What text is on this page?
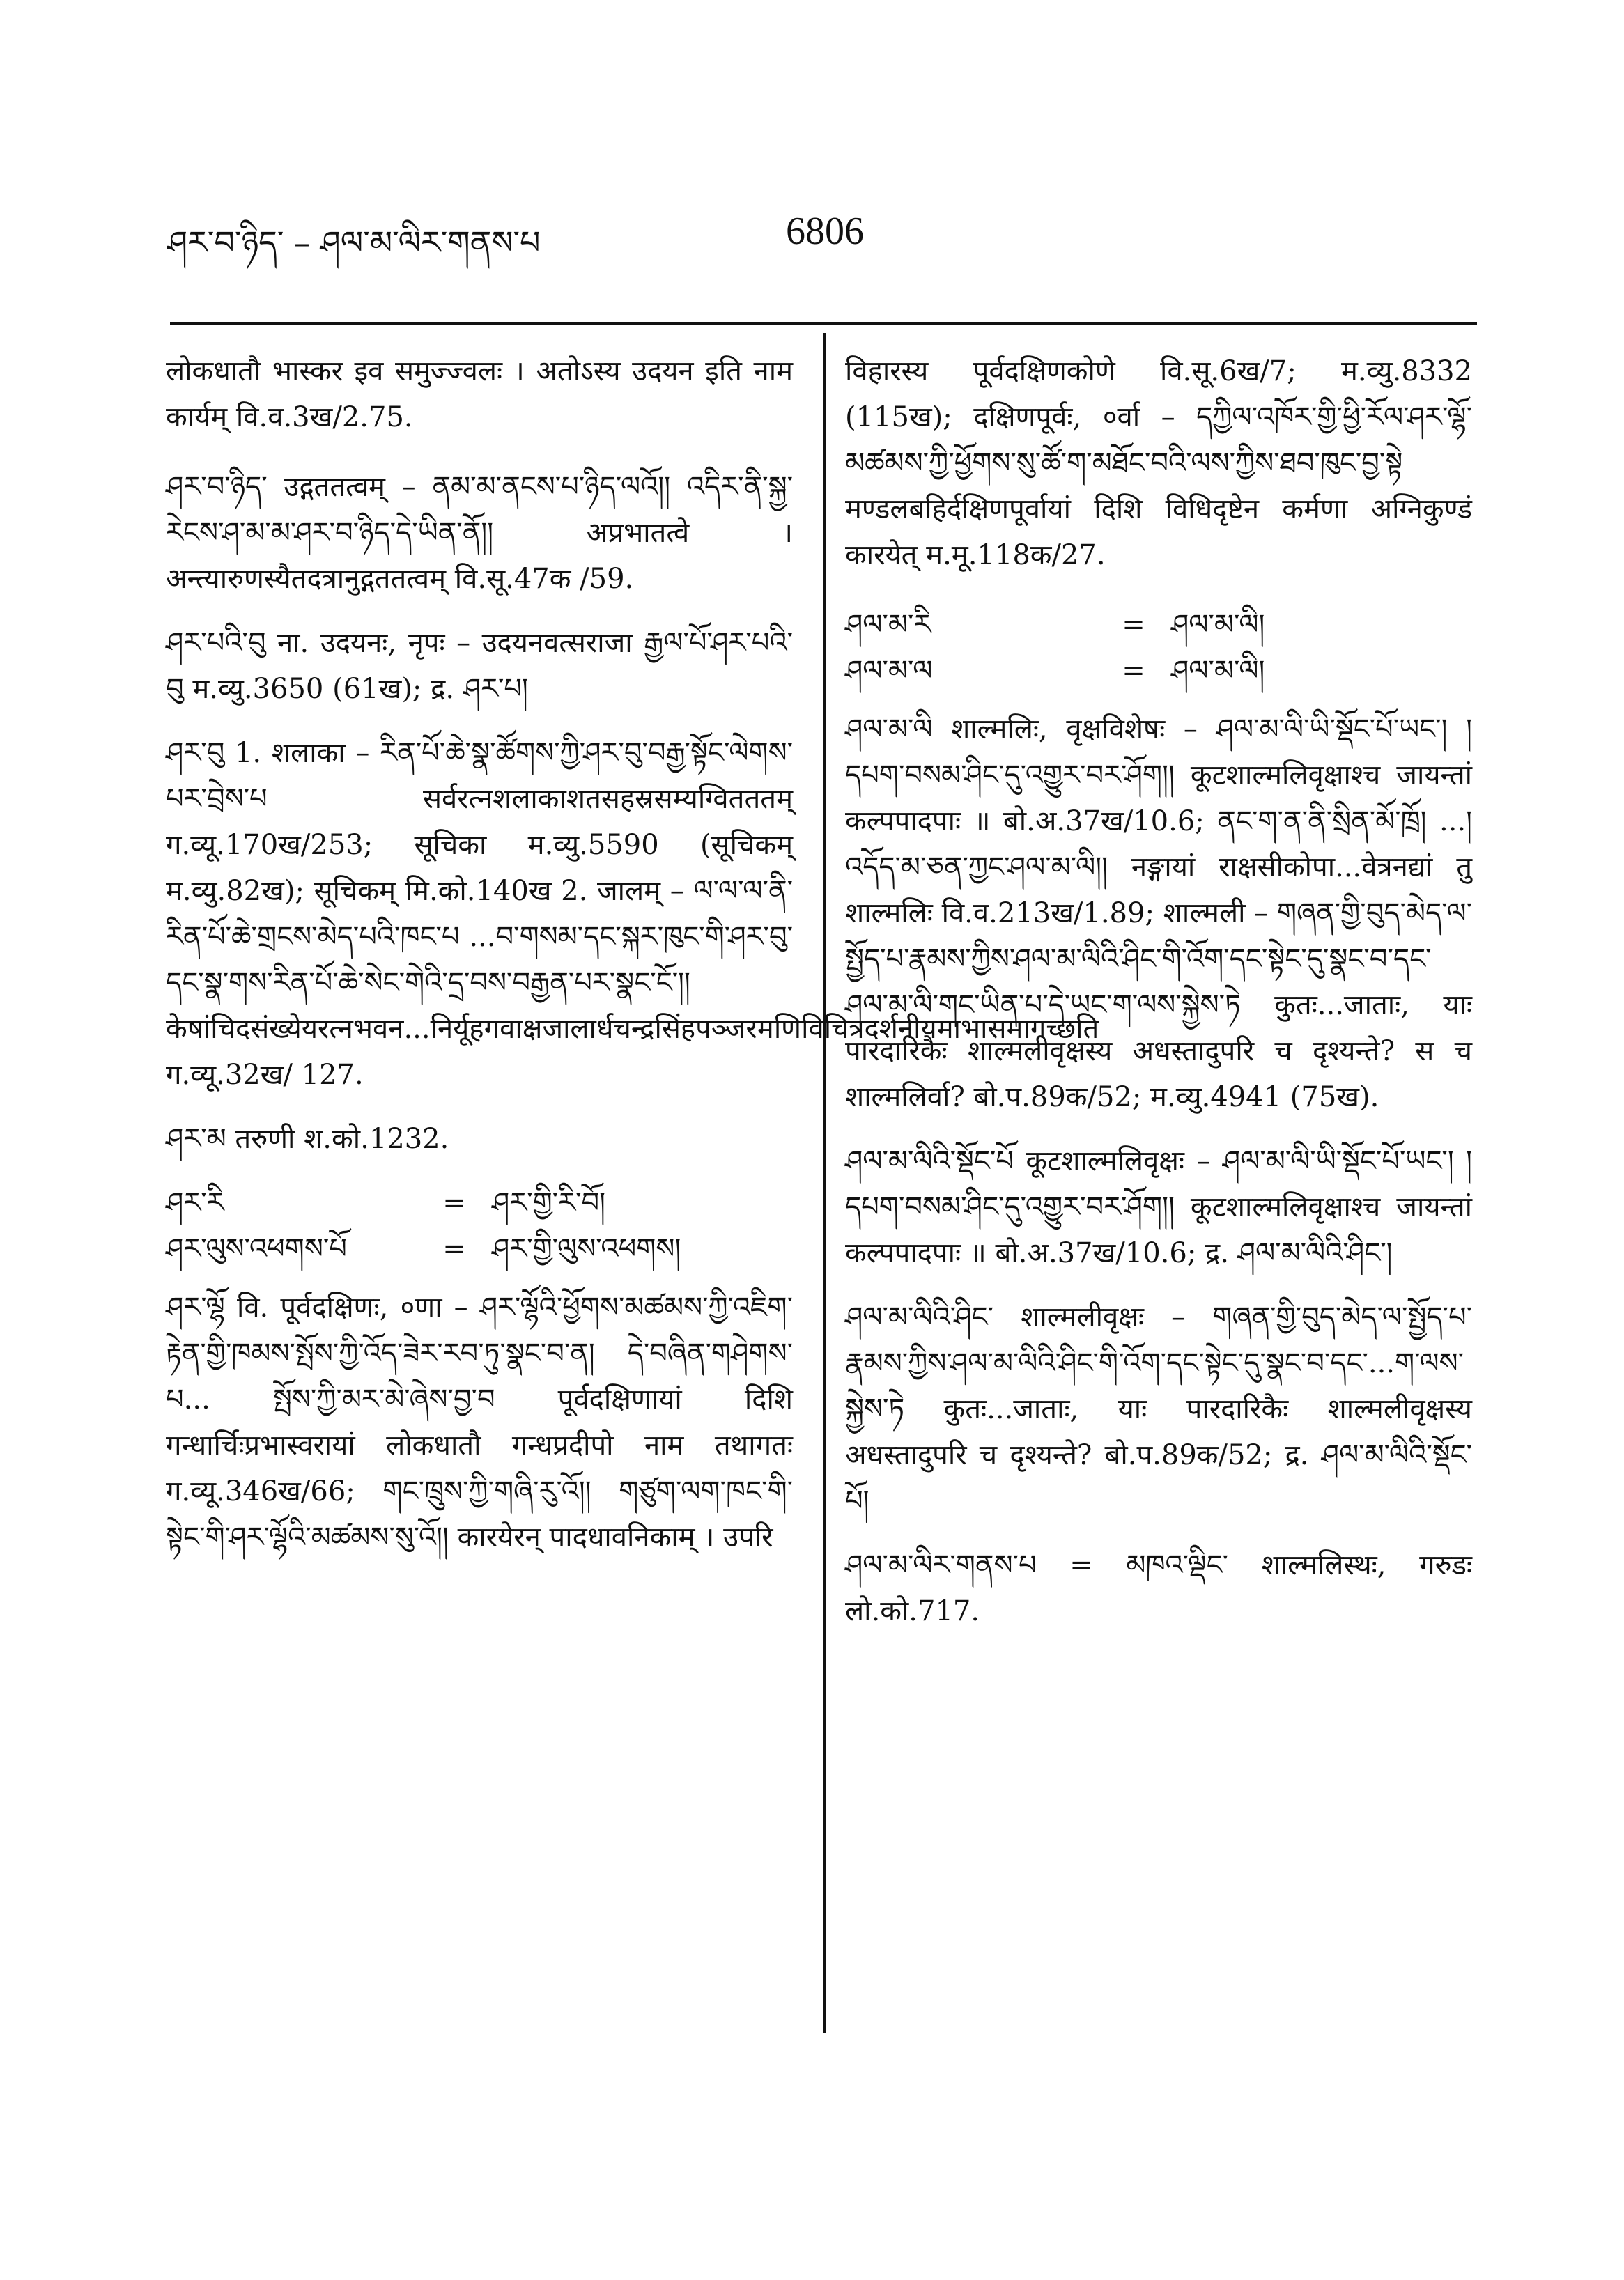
ཤར་བ་ཉིད་ – ཤལ་མ་ལིར་གནས་པ	6806

लोकधातौ भास्कर इव समुज्ज्वलः । अतोऽस्य उदयन इति नाम कार्यम् वि.व.3ख/2.75.

ཤར་བ་ཉིད་ उद्गततत्वम् – ནམ་མ་ནངས་པ་ཉིད་ལའོ།། འདིར་ནི་སྐྱ་རེངས་ཤ་མ་མ་ཤར་བ་ཉིད་དེ་ཡིན་ནོ།། अप्रभातत्वे । अन्त्यारुणस्यैतदत्रानुद्गततत्वम् वि.सू.47क /59.

ཤར་པའི་བུ ना. उदयनः, नृपः – उदयनवत्सराजा རྒྱལ་པོ་ཤར་པའི་བུ म.व्यु.3650 (61ख); द्र. ཤར་པ།

ཤར་བུ 1. शलाका – རིན་པོ་ཆེ་སྣ་ཚོགས་ཀྱི་ཤར་བུ་བརྒྱ་སྟོང་ལེགས་པར་བྲེས་པ सर्वरत्नशलाकाशतसहस्रसम्यग्वितततम् ग.व्यू.170ख/253; सूचिका म.व्यु.5590 (सूचिकम् म.व्यु.82ख); सूचिकम् मि.को.140ख 2. जालम् – ལ་ལ་ལ་ནི་རིན་པོ་ཆེ་གྲངས་མེད་པའི་ཁང་པ ...བ་གསམ་དང་སྐར་ཁུང་གི་ཤར་བུ་དང་སྣ་གས་རིན་པོ་ཆེ་སེང་གེའི་དྲ་བས་བརྒྱན་པར་སྣང་ངོ་།། केषांचिदसंख्येयरत्नभवन...निर्यूहगवाक्षजालार्धचन्द्रसिंहपञ्जरमणिविचित्रदर्शनीयमाभासमागच्छति ग.व्यू.32ख/ 127.

ཤར་མ तरुणी श.को.1232.

ཤར་རི	=	ཤར་གྱི་རི་བོ།
ཤར་ལུས་འཕགས་པོ	=	ཤར་གྱི་ལུས་འཕགས།

ཤར་ལྷོ वि. पूर्वदक्षिणः, ०णा – ཤར་ལྷོའི་ཕྱོགས་མཚམས་ཀྱི་འཇིག་རྟེན་གྱི་ཁམས་སྤོས་ཀྱི་འོད་ཟེར་རབ་ཏུ་སྣང་བ་ན། དེ་བཞིན་གཤེགས་པ... སྤོས་ཀྱི་མར་མེ་ཞེས་བྱ་བ पूर्वदक्षिणायां दिशि गन्धार्चिःप्रभास्वरायां लोकधातौ गन्धप्रदीपो नाम तथागतः ग.व्यू.346ख/66; གང་ཁྲུས་ཀྱི་གཞི་རུ་འོ།། གཙུག་ལག་ཁང་གི་སྟེང་གི་ཤར་ལྷོའི་མཚམས་སུ་འོ།། कारयेरन् पादधावनिकाम् । उपरि

विहारस्य पूर्वदक्षिणकोणे वि.सू.6ख/7; म.व्यु.8332 (115ख); दक्षिणपूर्वः, ०र्वा – དཀྱིལ་འཁོར་གྱི་ཕྱི་རོལ་ཤར་ལྷོ་མཚམས་ཀྱི་ཕྱོགས་སུ་ཚོ་ག་མཐོང་བའི་ལས་ཀྱིས་ཐབ་ཁུང་བྱ་སྟེ मण्डलबहिर्दक्षिणपूर्वायां दिशि विधिदृष्टेन कर्मणा अग्निकुण्डं कारयेत् म.मू.118क/27.

ཤལ་མ་རི	=	ཤལ་མ་ལི།
ཤལ་མ་ལ	=	ཤལ་མ་ལི།

ཤལ་མ་ལི शाल्मलिः, वृक्षविशेषः – ཤལ་མ་ལི་ཡི་སྡོང་པོ་ཡང་། །དཔག་བསམ་ཤིང་དུ་འགྱུར་བར་ཤོག།། कूटशाल्मलिवृक्षाश्च जायन्तां कल्पपादपाः ॥ बो.अ.37ख/10.6; ནང་ག་ན་ནི་སྲིན་མོ་ཁྲོ། ...།འདོད་མ་ཅན་ཀྱང་ཤལ་མ་ལི།། नङ्गायां राक्षसीकोपा...वेत्रनद्यां तु शाल्मलिः वि.व.213ख/1.89; शाल्मली – གཞན་གྱི་བུད་མེད་ལ་སྤྱོད་པ་རྣམས་ཀྱིས་ཤལ་མ་ལིའི་ཤིང་གི་འོག་དང་སྟེང་དུ་སྣང་བ་དང་ཤལ་མ་ལི་གང་ཡིན་པ་དེ་ཡང་ག་ལས་སྐྱེས་ཏེ कुतः...जाताः, याः पारदारिकैः शाल्मलीवृक्षस्य अधस्तादुपरि च दृश्यन्ते? स च शाल्मलिर्वा? बो.प.89क/52; म.व्यु.4941 (75ख).

ཤལ་མ་ལིའི་སྡོང་པོ कूटशाल्मलिवृक्षः – ཤལ་མ་ལི་ཡི་སྡོང་པོ་ཡང་། །དཔག་བསམ་ཤིང་དུ་འགྱུར་བར་ཤོག།། कूटशाल्मलिवृक्षाश्च जायन्तां कल्पपादपाः ॥ बो.अ.37ख/10.6; द्र. ཤལ་མ་ལིའི་ཤིང་།

ཤལ་མ་ལིའི་ཤིང་ शाल्मलीवृक्षः – གཞན་གྱི་བུད་མེད་ལ་སྤྱོད་པ་རྣམས་ཀྱིས་ཤལ་མ་ལིའི་ཤིང་གི་འོག་དང་སྟེང་དུ་སྣང་བ་དང་...ག་ལས་སྐྱེས་ཏེ कुतः...जाताः, याः पारदारिकैः शाल्मलीवृक्षस्य अधस्तादुपरि च दृश्यन्ते? बो.प.89क/52; द्र. ཤལ་མ་ལིའི་སྡོང་པོ།

ཤལ་མ་ལིར་གནས་པ = མཁའ་ལྡིང་ शाल्मलिस्थः, गरुडः लो.को.717.
